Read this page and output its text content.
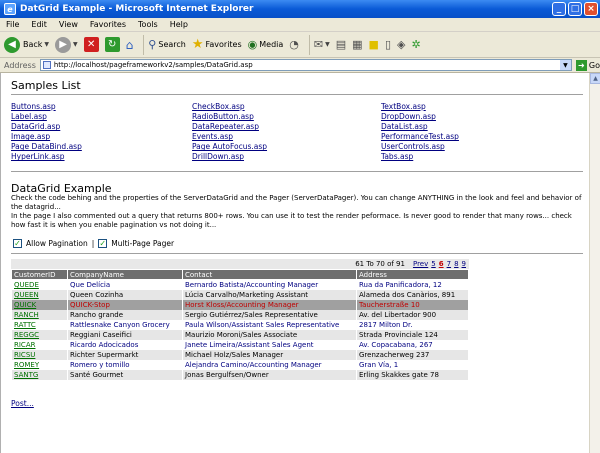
e DatGrid Example - Microsoft Internet Explorer	_	□ ×
File	Edit	View	Favorites	Tools	Help
◀ Back ▼	▶	▼ ✕	↻ ⌂ ⚲ Search ★ Favorites ◉ Media ◔ ✉ ▼ ▤ ▦ ■ ▯ ◈ ✲
Address	http://localhost/pageframeworkv2/samples/DataGrid.asp	▼	➜ Go
Samples List
Buttons.asp	CheckBox.asp	TextBox.asp
Label.asp	RadioButton.asp	DropDown.asp
DataGrid.asp	DataRepeater.asp	DataList.asp
Image.asp	Events.asp	PerformanceTest.asp
Page DataBind.asp	Page AutoFocus.asp	UserControls.asp
HyperLink.asp	DrillDown.asp	Tabs.asp
DataGrid Example
Check the code behing and the properties of the ServerDataGrid and the Pager (ServerDataPager). You can change ANYTHING in the look and feel and behavior of the datagrid...
In the page I also commented out a query that returns 800+ rows. You can use it to test the render peformace. Is never good to render that many rows... check how fast it is when you enable pagination vs not doing it...
✓ Allow Pagination | ✓ Multi-Page Pager
61 To 70 of 91 Prev 5 6 7 8 9
CustomerID	CompanyName	Contact	Address
QUEDE	Que Delícia	Bernardo Batista/Accounting Manager	Rua da Panificadora, 12
QUEEN	Queen Cozinha	Lúcia Carvalho/Marketing Assistant	Alameda dos Canàrios, 891
QUICK	QUICK-Stop	Horst Kloss/Accounting Manager	Taucherstraße 10
RANCH	Rancho grande	Sergio Gutiérrez/Sales Representative	Av. del Libertador 900
RATTC	Rattlesnake Canyon Grocery	Paula Wilson/Assistant Sales Representative	2817 Milton Dr.
REGGC	Reggiani Caseifici	Maurizio Moroni/Sales Associate	Strada Provinciale 124
RICAR	Ricardo Adocicados	Janete Limeira/Assistant Sales Agent	Av. Copacabana, 267
RICSU	Richter Supermarkt	Michael Holz/Sales Manager	Grenzacherweg 237
ROMEY	Romero y tomillo	Alejandra Camino/Accounting Manager	Gran Vía, 1
SANTG	Santé Gourmet	Jonas Bergulfsen/Owner	Erling Skakkes gate 78
Post...
▲
